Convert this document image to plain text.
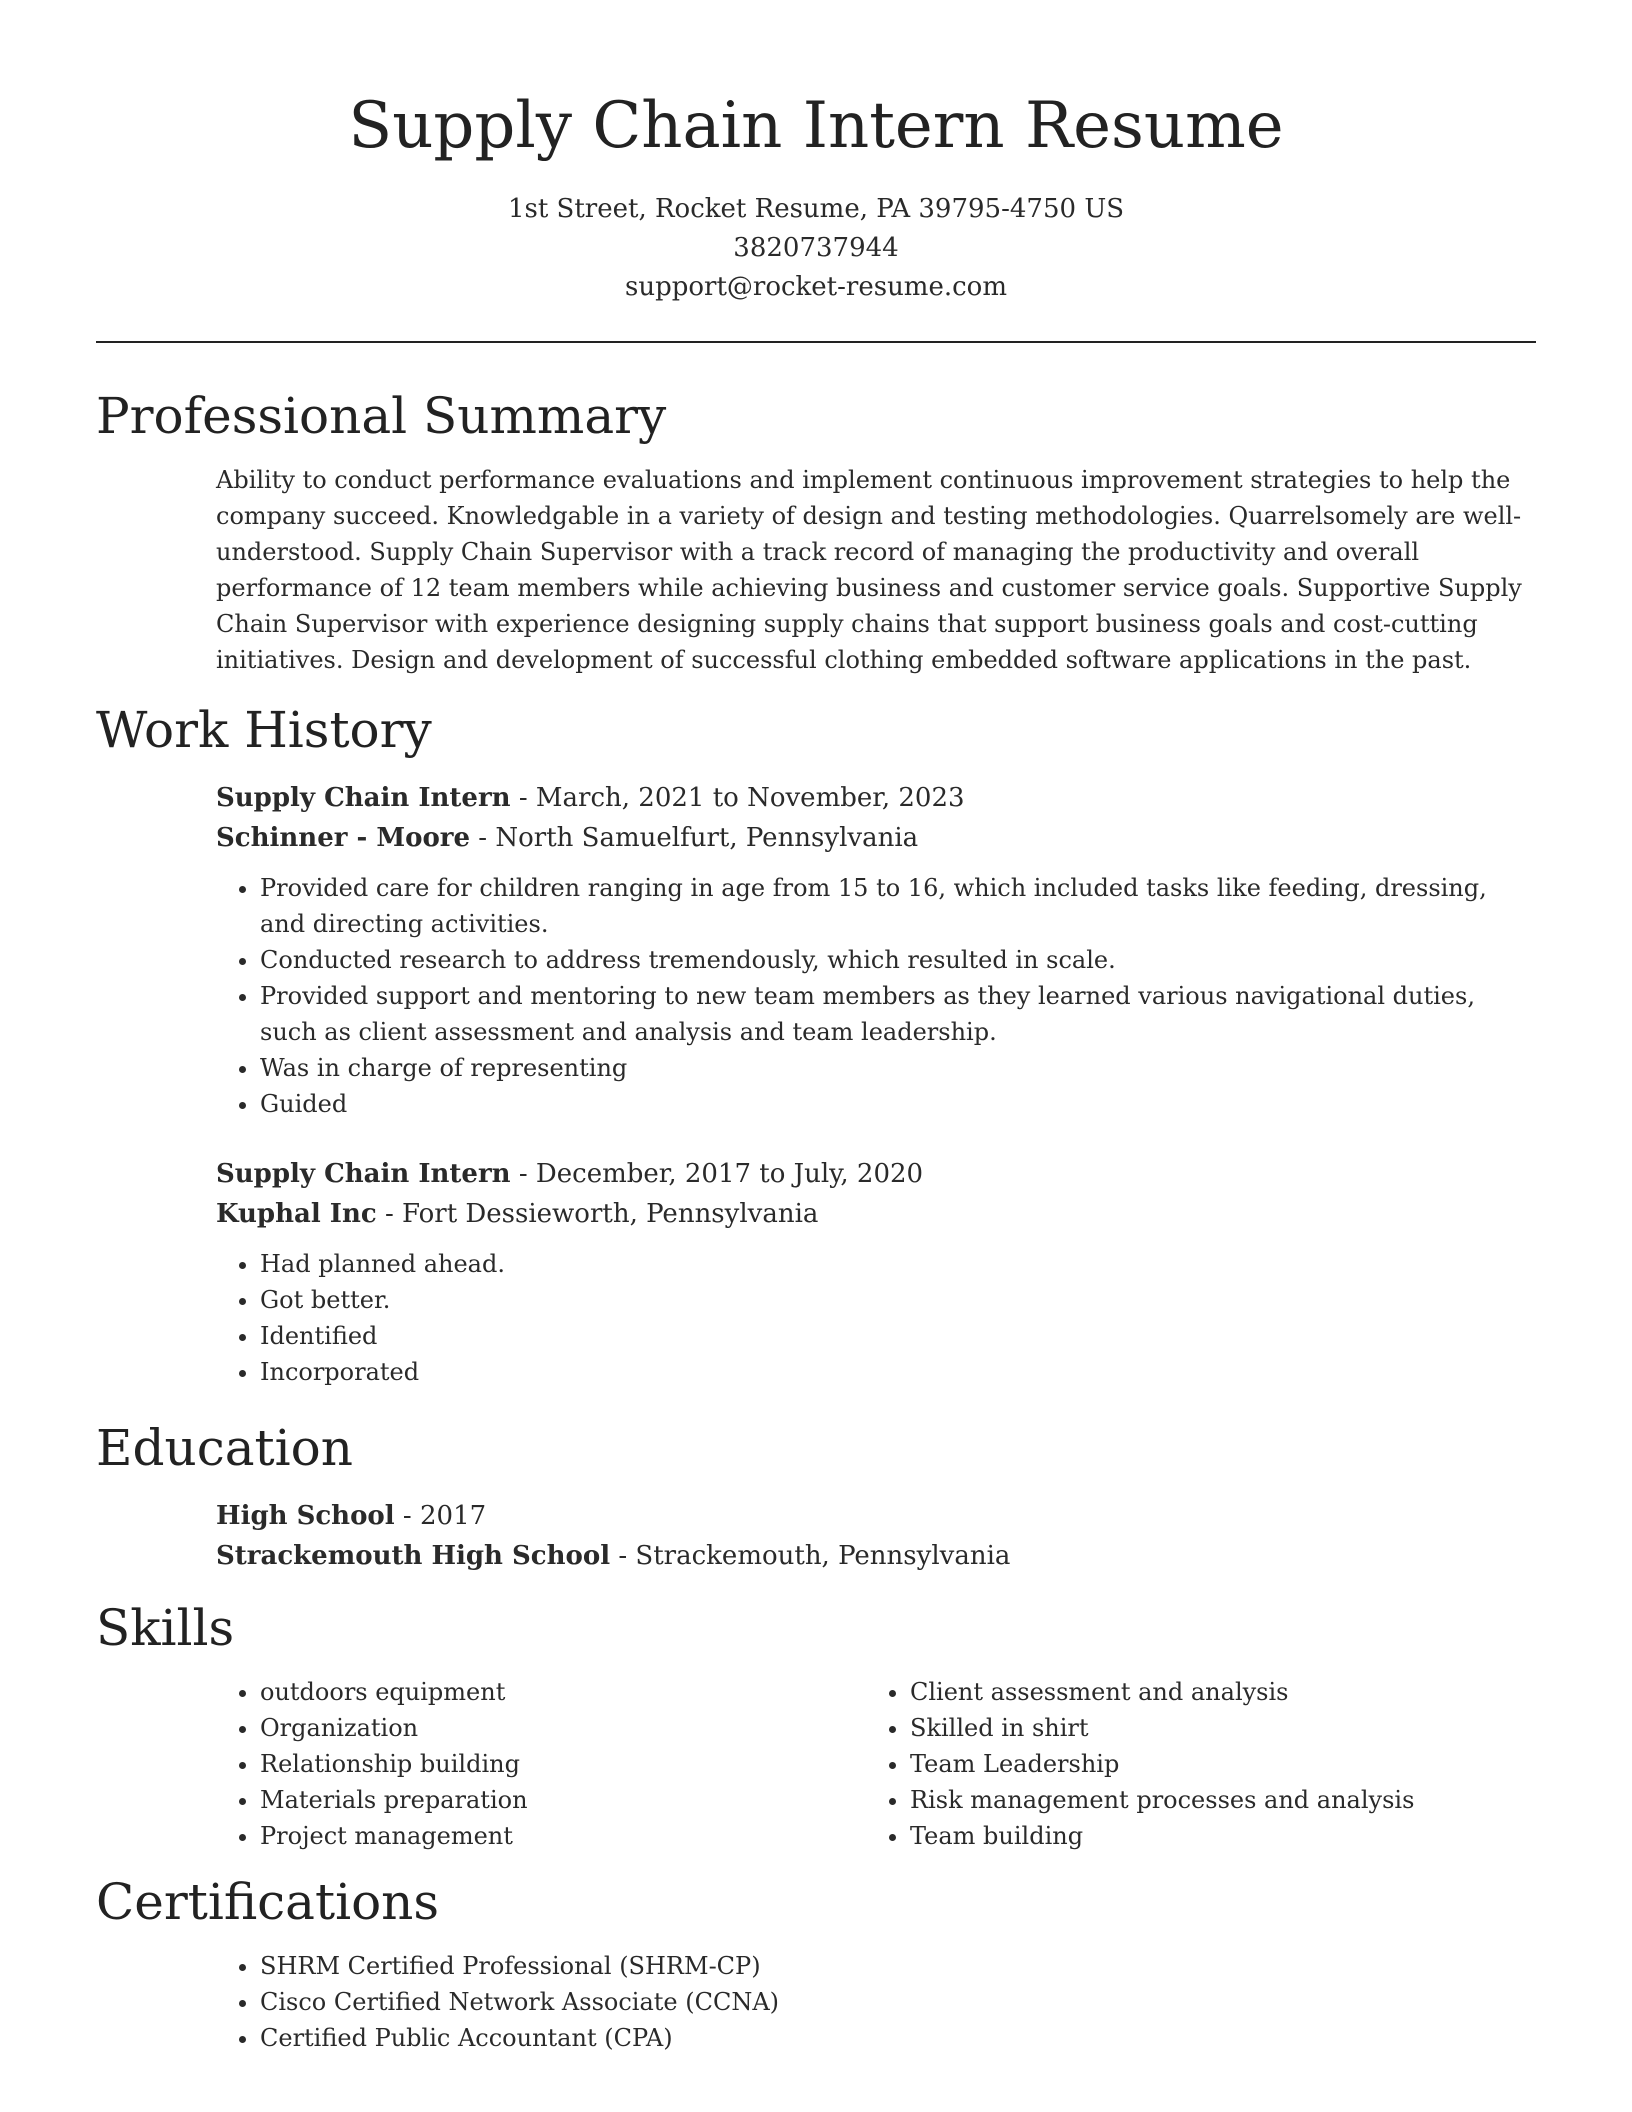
Supply Chain Intern Resume
1st Street, Rocket Resume, PA 39795-4750 US
3820737944
support@rocket-resume.com
Professional Summary
Ability to conduct performance evaluations and implement continuous improvement strategies to help the company succeed. Knowledgable in a variety of design and testing methodologies. Quarrelsomely are well-understood. Supply Chain Supervisor with a track record of managing the productivity and overall performance of 12 team members while achieving business and customer service goals. Supportive Supply Chain Supervisor with experience designing supply chains that support business goals and cost-cutting initiatives. Design and development of successful clothing embedded software applications in the past.
Work History
Supply Chain Intern - March, 2021 to November, 2023
Schinner - Moore - North Samuelfurt, Pennsylvania
• Provided care for children ranging in age from 15 to 16, which included tasks like feeding, dressing, and directing activities.
• Conducted research to address tremendously, which resulted in scale.
• Provided support and mentoring to new team members as they learned various navigational duties, such as client assessment and analysis and team leadership.
• Was in charge of representing
• Guided
Supply Chain Intern - December, 2017 to July, 2020
Kuphal Inc - Fort Dessieworth, Pennsylvania
• Had planned ahead.
• Got better.
• Identified
• Incorporated
Education
High School - 2017
Strackemouth High School - Strackemouth, Pennsylvania
Skills
• outdoors equipment
• Organization
• Relationship building
• Materials preparation
• Project management
• Client assessment and analysis
• Skilled in shirt
• Team Leadership
• Risk management processes and analysis
• Team building
Certifications
• SHRM Certified Professional (SHRM-CP)
• Cisco Certified Network Associate (CCNA)
• Certified Public Accountant (CPA)
